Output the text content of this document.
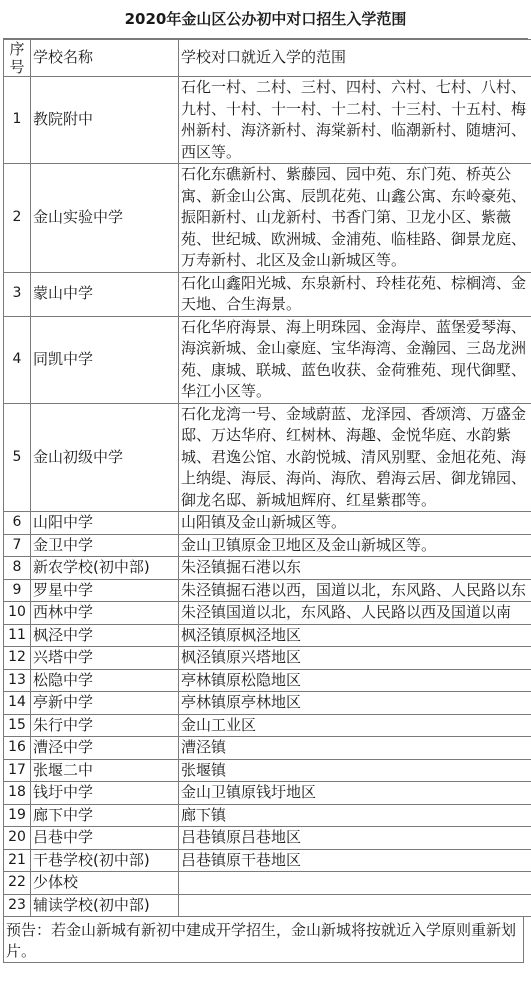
2020年金山区公办初中对口招生入学范围
序号	学校名称	学校对口就近入学的范围
1	教院附中	石化一村、二村、三村、四村、六村、七村、八村、九村、十村、十一村、十二村、十三村、十五村、梅州新村、海济新村、海棠新村、临潮新村、随塘河、西区等。
2	金山实验中学	石化东礁新村、紫藤园、园中苑、东门苑、桥英公寓、新金山公寓、辰凯花苑、山鑫公寓、东岭豪苑、振阳新村、山龙新村、书香门第、卫龙小区、紫薇苑、世纪城、欧洲城、金浦苑、临桂路、御景龙庭、万寿新村、北区及金山新城区等。
3	蒙山中学	石化山鑫阳光城、东泉新村、玲桂花苑、棕榈湾、金天地、合生海景。
4	同凯中学	石化华府海景、海上明珠园、金海岸、蓝堡爱琴海、海滨新城、金山豪庭、宝华海湾、金瀚园、三岛龙洲苑、康城、联城、蓝色收获、金荷雅苑、现代御墅、华江小区等。
5	金山初级中学	石化龙湾一号、金域蔚蓝、龙泽园、香颂湾、万盛金邸、万达华府、红树林、海趣、金悦华庭、水韵紫城、君逸公馆、水韵悦城、清风别墅、金旭花苑、海上纳缇、海辰、海尚、海欣、碧海云居、御龙锦园、御龙名邸、新城旭辉府、红星紫郡等。
6	山阳中学	山阳镇及金山新城区等。
7	金卫中学	金山卫镇原金卫地区及金山新城区等。
8	新农学校(初中部)	朱泾镇掘石港以东
9	罗星中学	朱泾镇掘石港以西，国道以北，东风路、人民路以东
10	西林中学	朱泾镇国道以北，东风路、人民路以西及国道以南
11	枫泾中学	枫泾镇原枫泾地区
12	兴塔中学	枫泾镇原兴塔地区
13	松隐中学	亭林镇原松隐地区
14	亭新中学	亭林镇原亭林地区
15	朱行中学	金山工业区
16	漕泾中学	漕泾镇
17	张堰二中	张堰镇
18	钱圩中学	金山卫镇原钱圩地区
19	廊下中学	廊下镇
20	吕巷中学	吕巷镇原吕巷地区
21	干巷学校(初中部)	吕巷镇原干巷地区
22	少体校	
23	辅读学校(初中部)	
预告：若金山新城有新初中建成开学招生，金山新城将按就近入学原则重新划片。
